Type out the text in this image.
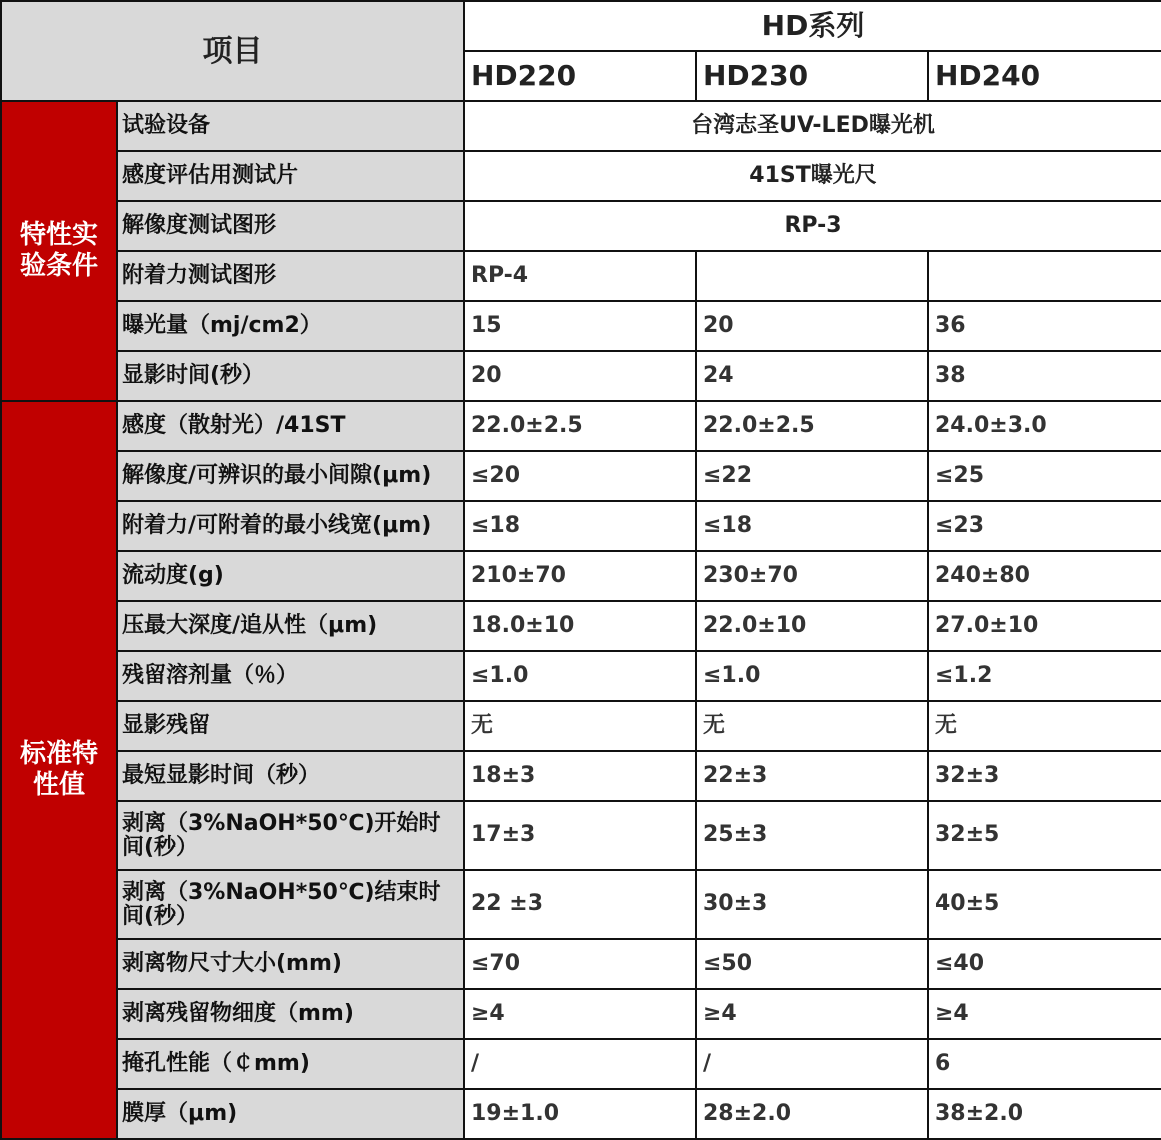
项目		HD系列		
		HD220	HD230	HD240
特性实验条件	试验设备	台湾志圣UV-LED曝光机		
	感度评估用测试片	41ST曝光尺		
	解像度测试图形	RP-3		
	附着力测试图形	RP-4		
	曝光量（mj/cm2）	15	20	36
	显影时间(秒）	20	24	38
标准特性值	感度（散射光）/41ST	22.0±2.5	22.0±2.5	24.0±3.0
	解像度/可辨识的最小间隙(μm)	≤20	≤22	≤25
	附着力/可附着的最小线宽(μm)	≤18	≤18	≤23
	流动度(g)	210±70	230±70	240±80
	压最大深度/追从性（μm)	18.0±10	22.0±10	27.0±10
	残留溶剂量（％）	≤1.0	≤1.0	≤1.2
	显影残留	无	无	无
	最短显影时间（秒）	18±3	22±3	32±3
	剥离（3%NaOH*50℃)开始时间(秒）	17±3	25±3	32±5
	剥离（3%NaOH*50℃)结束时间(秒）	22 ±3	30±3	40±5
	剥离物尺寸大小(mm)	≤70	≤50	≤40
	剥离残留物细度（mm)	≥4	≥4	≥4
	掩孔性能（￠mm)	/	/	6
	膜厚（μm)	19±1.0	28±2.0	38±2.0
